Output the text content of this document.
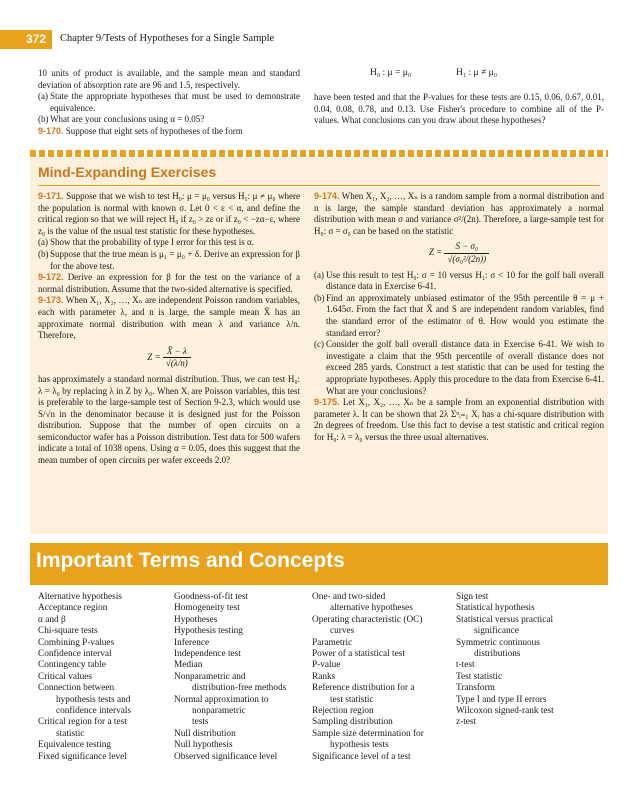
372	Chapter 9/Tests of Hypotheses for a Single Sample

10 units of product is available, and the sample mean and standard deviation of absorption rate are 96 and 1.5, respectively.

(a) State the appropriate hypotheses that must be used to demonstrate equivalence.
(b) What are your conclusions using α = 0.05?

9-170. Suppose that eight sets of hypotheses of the form

H₀ : μ = μ₀	H₁ : μ ≠ μ₀
have been tested and that the P-values for these tests are 0.15, 0.06, 0.67, 0.01, 0.04, 0.08, 0.78, and 0.13. Use Fisher's procedure to combine all of the P-values. What conclusions can you draw about these hypotheses?
Mind-Expanding Exercises

9-171. Suppose that we wish to test H₀: μ = μ₀ versus H₁: μ ≠ μ₀ where the population is normal with known σ. Let 0 < ε < α, and define the critical region so that we will reject H₀ if z₀ > zε or if z₀ < −zα−ε, where z₀ is the value of the usual test statistic for these hypotheses.

(a) Show that the probability of type I error for this test is α.
(b) Suppose that the true mean is μ₁ = μ₀ + δ. Derive an expression for β for the above test.

9-172. Derive an expression for β for the test on the variance of a normal distribution. Assume that the two-sided alternative is specified.

9-173. When X₁, X₂, …, Xₙ are independent Poisson random variables, each with parameter λ, and n is large, the sample mean X̄ has an approximate normal distribution with mean λ and variance λ/n. Therefore,

$Z = \frac{X̄ - \lambda}{√(\lambda/n)}$

has approximately a standard normal distribution. Thus, we can test H₀: λ = λ₀ by replacing λ in Z by λ₀. When Xᵢ are Poisson variables, this test is preferable to the large-sample test of Section 9-2.3, which would use S/√n in the denominator because it is designed just for the Poisson distribution. Suppose that the number of open circuits on a semiconductor wafer has a Poisson distribution. Test data for 500 wafers indicate a total of 1038 opens. Using α = 0.05, does this suggest that the mean number of open circuits per wafer exceeds 2.0?

9-174. When X₁, X₂, …, Xₙ is a random sample from a normal distribution and n is large, the sample standard deviation has approximately a normal distribution with mean σ and variance σ²/(2n). Therefore, a large-sample test for H₀: σ = σ₀ can be based on the statistic

$Z = \frac{\text{S − σ₀}}{\text{√(σ₀²/(2n))}}$
(a) Use this result to test H₀: σ = 10 versus H₁: σ < 10 for the golf ball overall distance data in Exercise 6-41.
(b) Find an approximately unbiased estimator of the 95th percentile θ = μ + 1.645σ. From the fact that X̄ and S are independent random variables, find the standard error of the estimator of θ. How would you estimate the standard error?
(c) Consider the golf ball overall distance data in Exercise 6-41. We wish to investigate a claim that the 95th percentile of overall distance does not exceed 285 yards. Construct a test statistic that can be used for testing the appropriate hypotheses. Apply this procedure to the data from Exercise 6-41. What are your conclusions?

9-175. Let X₁, X₂, …, Xₙ be a sample from an exponential distribution with parameter λ. It can be shown that 2λ Σⁿᵢ₌₁ Xᵢ has a chi-square distribution with 2n degrees of freedom. Use this fact to devise a test statistic and critical region for H₀: λ = λ₀ versus the three usual alternatives.

Important Terms and Concepts
Alternative hypothesis
Acceptance region
α and β
Chi-square tests
Combining P-values
Confidence interval
Contingency table
Critical values
Connection between
hypothesis tests and
confidence intervals
Critical region for a test
statistic
Equivalence testing
Fixed significance level
Goodness-of-fit test
Homogeneity test
Hypotheses
Hypothesis testing
Inference
Independence test
Median
Nonparametric and
distribution-free methods
Normal approximation to
nonparametric
tests
Null distribution
Null hypothesis
Observed significance level
One- and two-sided
alternative hypotheses
Operating characteristic (OC)
curves
Parametric
Power of a statistical test
P-value
Ranks
Reference distribution for a
test statistic
Rejection region
Sampling distribution
Sample size determination for
hypothesis tests
Significance level of a test
Sign test
Statistical hypothesis
Statistical versus practical
significance
Symmetric continuous
distributions
t-test
Test statistic
Transform
Type I and type II errors
Wilcoxon signed-rank test
z-test
